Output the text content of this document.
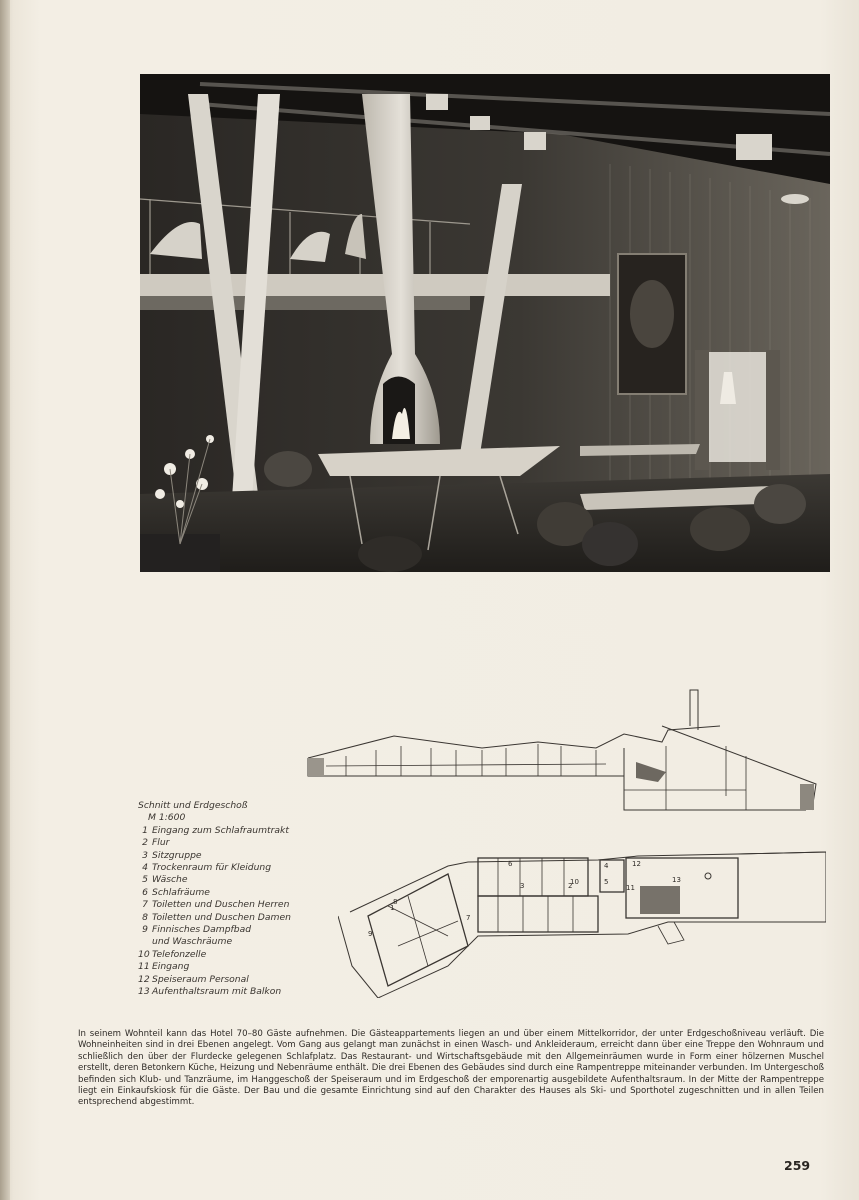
9
8
7
6
3	2
10
4
5
11
12
13
1
Schnitt und Erdgeschoß
M 1:600
1 Eingang zum Schlafraumtrakt
2 Flur
3 Sitzgruppe
4 Trockenraum für Kleidung
5 Wäsche
6 Schlafräume
7 Toiletten und Duschen Herren
8 Toiletten und Duschen Damen
9 Finnisches Dampfbad
und Waschräume
10 Telefonzelle
11 Eingang
12 Speiseraum Personal
13 Aufenthaltsraum mit Balkon
In seinem Wohnteil kann das Hotel 70–80 Gäste aufnehmen. Die Gästeappartements liegen an und über einem Mittelkorridor, der unter Erdgeschoßniveau verläuft. Die Wohneinheiten sind in drei Ebenen angelegt. Vom Gang aus gelangt man zunächst in einen Wasch- und Ankleideraum, erreicht dann über eine Treppe den Wohnraum und schließlich den über der Flurdecke gelegenen Schlafplatz. Das Restaurant- und Wirtschaftsgebäude mit den Allgemeinräumen wurde in Form einer hölzernen Muschel erstellt, deren Betonkern Küche, Heizung und Nebenräume enthält. Die drei Ebenen des Gebäudes sind durch eine Rampentreppe miteinander verbunden. Im Untergeschoß befinden sich Klub- und Tanzräume, im Hanggeschoß der Speiseraum und im Erdgeschoß der emporenartig ausgebildete Aufenthaltsraum. In der Mitte der Rampentreppe liegt ein Einkaufskiosk für die Gäste. Der Bau und die gesamte Einrichtung sind auf den Charakter des Hauses als Ski- und Sporthotel zugeschnitten und in allen Teilen entsprechend abgestimmt.
259
